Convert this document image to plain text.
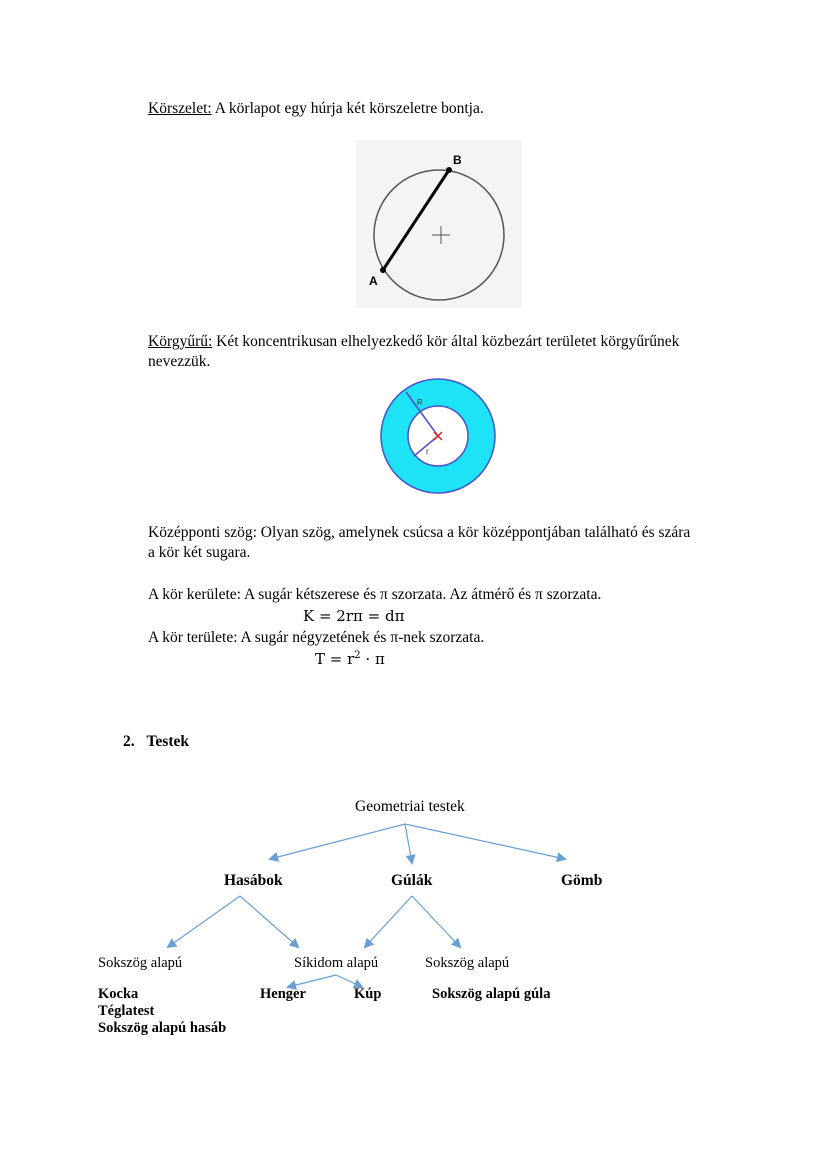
Körszelet: A körlapot egy húrja két körszeletre bontja.
A
B
Körgyűrű: Két koncentrikusan elhelyezkedő kör által közbezárt területet körgyűrűnek
nevezzük.
R
r
Középponti szög: Olyan szög, amelynek csúcsa a kör középpontjában található és szára
a kör két sugara.
A kör kerülete: A sugár kétszerese és π szorzata. Az átmérő és π szorzata.
K = 2rπ = dπ
A kör területe: A sugár négyzetének és π-nek szorzata.
$T = r^2 \cdot \pi$
2. Testek
Geometriai testek
Hasábok	Gúlák	Gömb
Sokszög alapú	Síkidom alapú	Sokszög alapú
Kocka
Téglatest
Sokszög alapú hasáb
Henger	Kúp	Sokszög alapú gúla
